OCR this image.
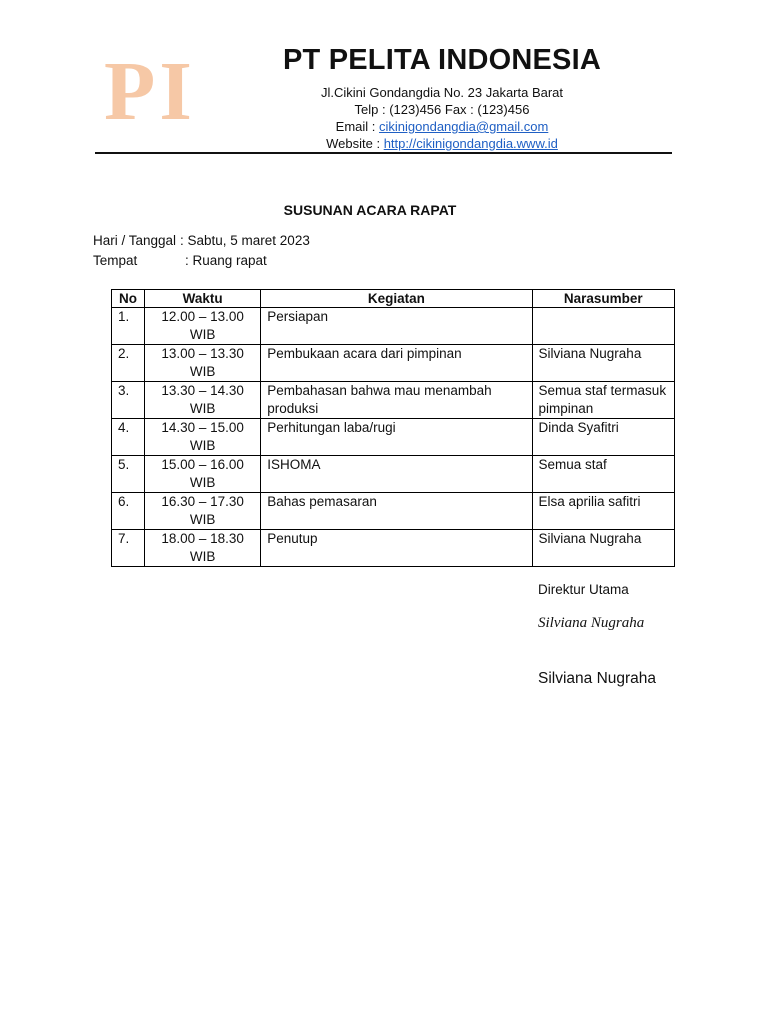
PI	PT PELITA INDONESIA
Jl.Cikini Gondangdia No. 23 Jakarta Barat
Telp : (123)456 Fax : (123)456
Email : cikinigondangdia@gmail.com
Website : http://cikinigondangdia.www.id
SUSUNAN ACARA RAPAT
Hari / Tanggal : Sabtu, 5 maret 2023
Tempat	: Ruang rapat
No	Waktu	Kegiatan	Narasumber
1.	12.00 – 13.00 WIB	Persiapan	
2.	13.00 – 13.30 WIB	Pembukaan acara dari pimpinan	Silviana Nugraha
3.	13.30 – 14.30 WIB	Pembahasan bahwa mau menambah produksi	Semua staf termasuk pimpinan
4.	14.30 – 15.00 WIB	Perhitungan laba/rugi	Dinda Syafitri
5.	15.00 – 16.00 WIB	ISHOMA	Semua staf
6.	16.30 – 17.30 WIB	Bahas pemasaran	Elsa aprilia safitri
7.	18.00 – 18.30 WIB	Penutup	Silviana Nugraha
Direktur Utama
Silviana Nugraha
Silviana Nugraha
